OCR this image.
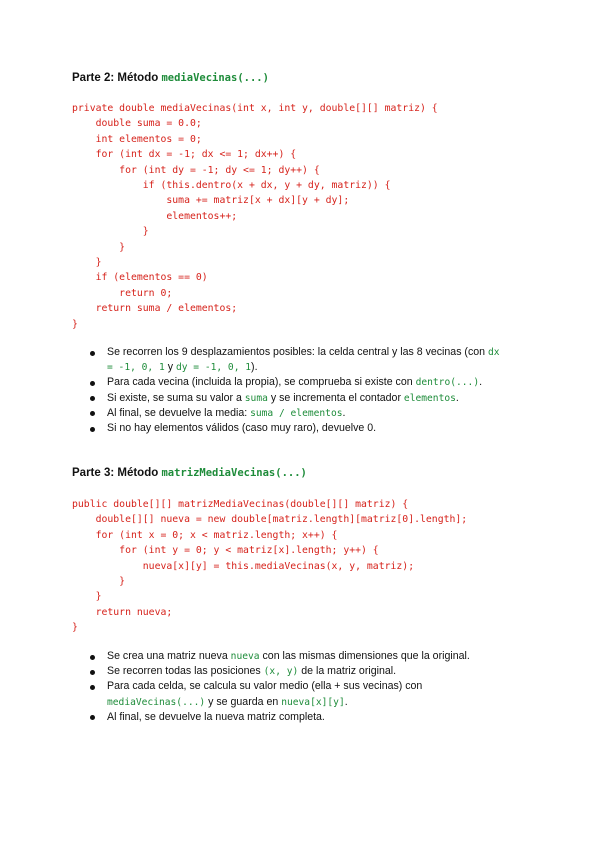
Parte 2: Método mediaVecinas(...)
private double mediaVecinas(int x, int y, double[][] matriz) {
double suma = 0.0;
int elementos = 0;
for (int dx = -1; dx <= 1; dx++) {
for (int dy = -1; dy <= 1; dy++) {
if (this.dentro(x + dx, y + dy, matriz)) {
suma += matriz[x + dx][y + dy];
elementos++;
}
}
}
if (elementos == 0)
return 0;
return suma / elementos;
}
Se recorren los 9 desplazamientos posibles: la celda central y las 8 vecinas (con dx
= -1, 0, 1 y dy = -1, 0, 1).
Para cada vecina (incluida la propia), se comprueba si existe con dentro(...).
Si existe, se suma su valor a suma y se incrementa el contador elementos.
Al final, se devuelve la media: suma / elementos.
Si no hay elementos válidos (caso muy raro), devuelve 0.
Parte 3: Método matrizMediaVecinas(...)
public double[][] matrizMediaVecinas(double[][] matriz) {
double[][] nueva = new double[matriz.length][matriz[0].length];
for (int x = 0; x < matriz.length; x++) {
for (int y = 0; y < matriz[x].length; y++) {
nueva[x][y] = this.mediaVecinas(x, y, matriz);
}
}
return nueva;
}
Se crea una matriz nueva nueva con las mismas dimensiones que la original.
Se recorren todas las posiciones (x, y) de la matriz original.
Para cada celda, se calcula su valor medio (ella + sus vecinas) con
mediaVecinas(...) y se guarda en nueva[x][y].
Al final, se devuelve la nueva matriz completa.
